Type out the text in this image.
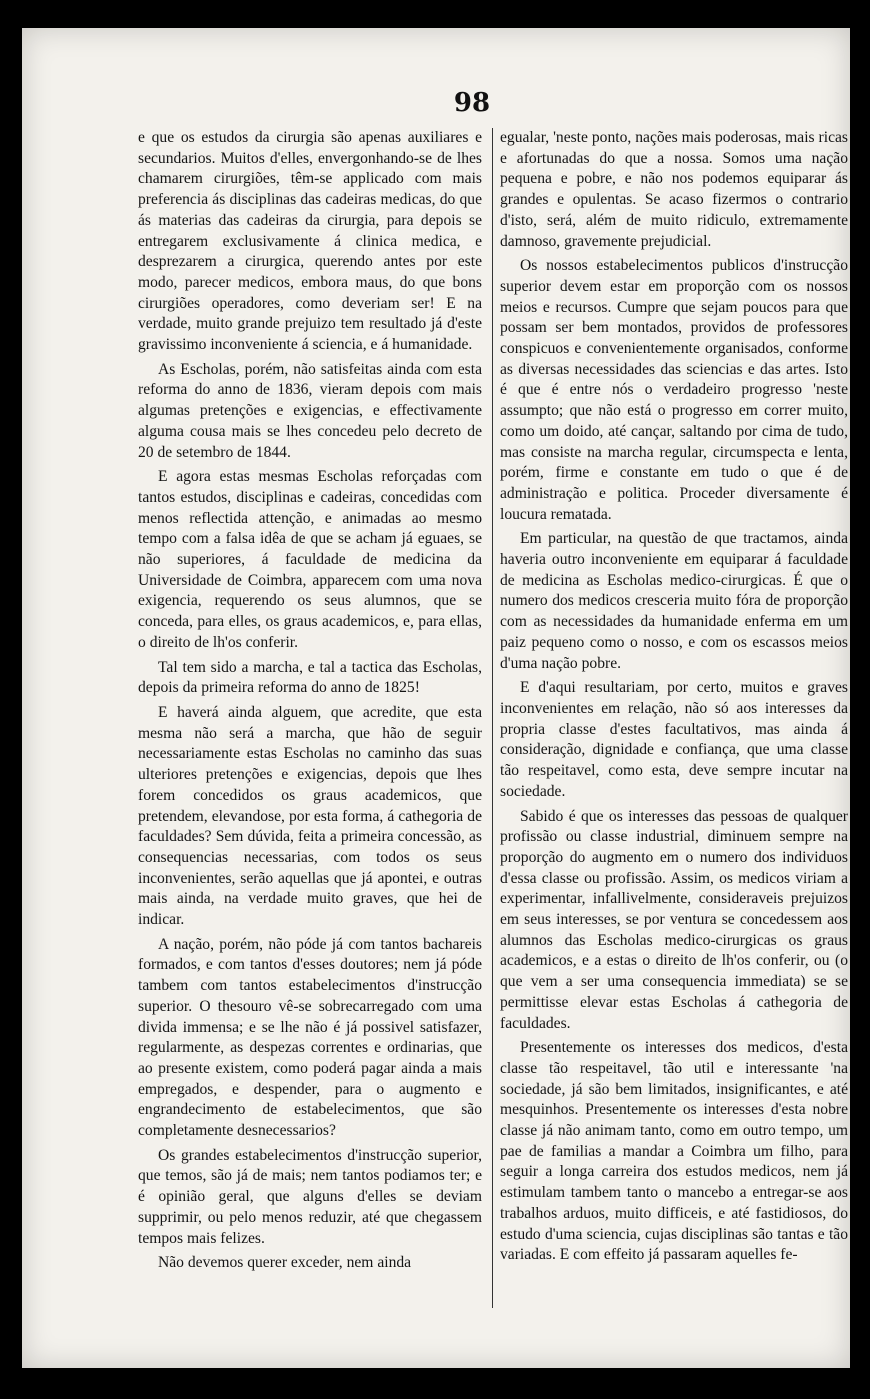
98

e que os estudos da cirurgia são apenas auxiliares e secundarios. Muitos d'elles, envergonhando-se de lhes chamarem cirurgiões, têm-se applicado com mais preferencia ás disciplinas das cadeiras medicas, do que ás materias das cadeiras da cirurgia, para depois se entregarem exclusivamente á clinica medica, e desprezarem a cirurgica, querendo antes por este modo, parecer medicos, embora maus, do que bons cirurgiões operadores, como deveriam ser! E na verdade, muito grande prejuizo tem resultado já d'este gravissimo inconveniente á sciencia, e á humanidade.

As Escholas, porém, não satisfeitas ainda com esta reforma do anno de 1836, vieram depois com mais algumas pretenções e exigencias, e effectivamente alguma cousa mais se lhes concedeu pelo decreto de 20 de setembro de 1844.

E agora estas mesmas Escholas reforçadas com tantos estudos, disciplinas e cadeiras, concedidas com menos reflectida attenção, e animadas ao mesmo tempo com a falsa idêa de que se acham já eguaes, se não superiores, á faculdade de medicina da Universidade de Coimbra, apparecem com uma nova exigencia, requerendo os seus alumnos, que se conceda, para elles, os graus academicos, e, para ellas, o direito de lh'os conferir.

Tal tem sido a marcha, e tal a tactica das Escholas, depois da primeira reforma do anno de 1825!

E haverá ainda alguem, que acredite, que esta mesma não será a marcha, que hão de seguir necessariamente estas Escholas no caminho das suas ulteriores pretenções e exigencias, depois que lhes forem concedidos os graus academicos, que pretendem, elevandose, por esta forma, á cathegoria de faculdades? Sem dúvida, feita a primeira concessão, as consequencias necessarias, com todos os seus inconvenientes, serão aquellas que já apontei, e outras mais ainda, na verdade muito graves, que hei de indicar.

A nação, porém, não póde já com tantos bachareis formados, e com tantos d'esses doutores; nem já póde tambem com tantos estabelecimentos d'instrucção superior. O thesouro vê-se sobrecarregado com uma divida immensa; e se lhe não é já possivel satisfazer, regularmente, as despezas correntes e ordinarias, que ao presente existem, como poderá pagar ainda a mais empregados, e despender, para o augmento e engrandecimento de estabelecimentos, que são completamente desnecessarios?

Os grandes estabelecimentos d'instrucção superior, que temos, são já de mais; nem tantos podiamos ter; e é opinião geral, que alguns d'elles se deviam supprimir, ou pelo menos reduzir, até que chegassem tempos mais felizes.

Não devemos querer exceder, nem ainda

egualar, 'neste ponto, nações mais poderosas, mais ricas e afortunadas do que a nossa. Somos uma nação pequena e pobre, e não nos podemos equiparar ás grandes e opulentas. Se acaso fizermos o contrario d'isto, será, além de muito ridiculo, extremamente damnoso, gravemente prejudicial.

Os nossos estabelecimentos publicos d'instrucção superior devem estar em proporção com os nossos meios e recursos. Cumpre que sejam poucos para que possam ser bem montados, providos de professores conspicuos e convenientemente organisados, conforme as diversas necessidades das sciencias e das artes. Isto é que é entre nós o verdadeiro progresso 'neste assumpto; que não está o progresso em correr muito, como um doido, até cançar, saltando por cima de tudo, mas consiste na marcha regular, circumspecta e lenta, porém, firme e constante em tudo o que é de administração e politica. Proceder diversamente é loucura rematada.

Em particular, na questão de que tractamos, ainda haveria outro inconveniente em equiparar á faculdade de medicina as Escholas medico-cirurgicas. É que o numero dos medicos cresceria muito fóra de proporção com as necessidades da humanidade enferma em um paiz pequeno como o nosso, e com os escassos meios d'uma nação pobre.

E d'aqui resultariam, por certo, muitos e graves inconvenientes em relação, não só aos interesses da propria classe d'estes facultativos, mas ainda á consideração, dignidade e confiança, que uma classe tão respeitavel, como esta, deve sempre incutar na sociedade.

Sabido é que os interesses das pessoas de qualquer profissão ou classe industrial, diminuem sempre na proporção do augmento em o numero dos individuos d'essa classe ou profissão. Assim, os medicos viriam a experimentar, infallivelmente, consideraveis prejuizos em seus interesses, se por ventura se concedessem aos alumnos das Escholas medico-cirurgicas os graus academicos, e a estas o direito de lh'os conferir, ou (o que vem a ser uma consequencia immediata) se se permittisse elevar estas Escholas á cathegoria de faculdades.

Presentemente os interesses dos medicos, d'esta classe tão respeitavel, tão util e interessante 'na sociedade, já são bem limitados, insignificantes, e até mesquinhos. Presentemente os interesses d'esta nobre classe já não animam tanto, como em outro tempo, um pae de familias a mandar a Coimbra um filho, para seguir a longa carreira dos estudos medicos, nem já estimulam tambem tanto o mancebo a entregar-se aos trabalhos arduos, muito difficeis, e até fastidiosos, do estudo d'uma sciencia, cujas disciplinas são tantas e tão variadas. E com effeito já passaram aquelles fe-
